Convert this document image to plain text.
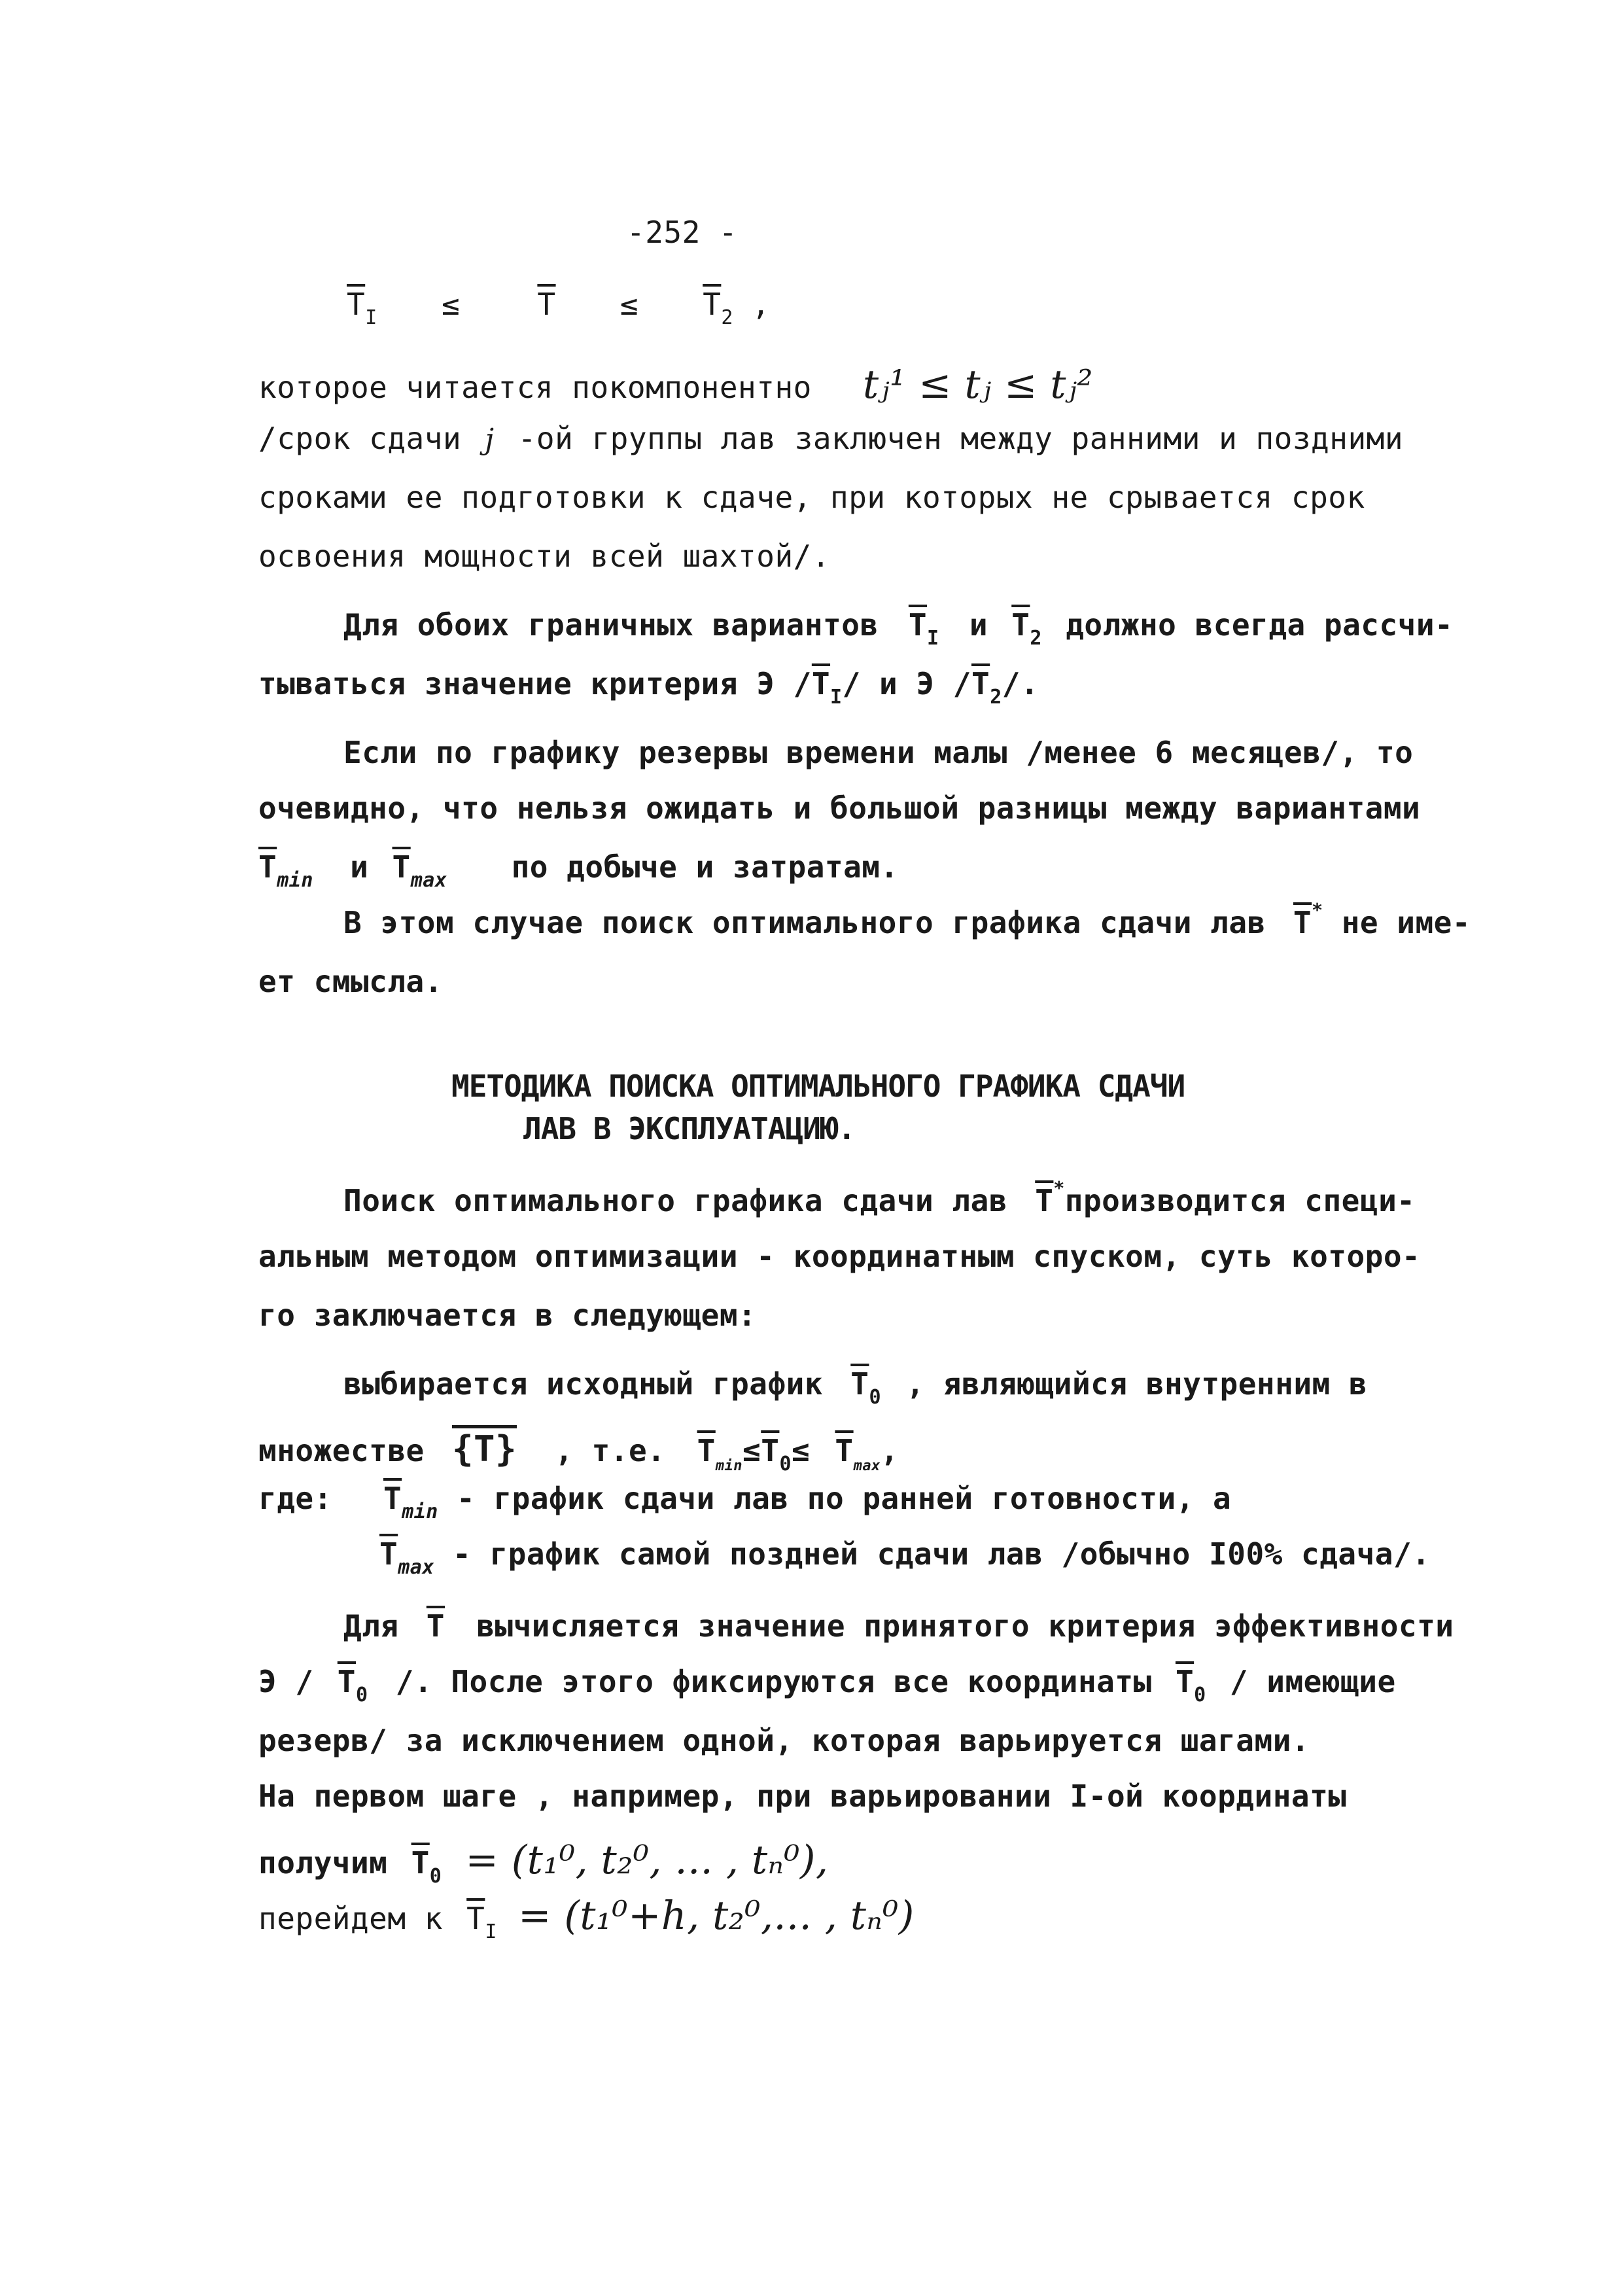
-252 -
$\overline{T}_I$ ≤	$\overline{T} \le \overline{T}_2$ ,
которое читается покомпонентно tⱼ¹ ≤ tⱼ ≤ tⱼ²
/срок сдачи j -ой группы лав заключен между ранними и поздними
сроками ее подготовки к сдаче, при которых не срывается срок
освоения мощности всей шахтой/.
Для обоих граничных вариантов $\overline{T}_I$ и $\overline{T}_2$ должно всегда рассчи-
тываться значение критерия Э $/\overline{T}_I/$ и Э $/\overline{T}_2/$.
Если по графику резервы времени малы /менее 6 месяцев/, то
очевидно, что нельзя ожидать и большой разницы между вариантами
$\overline{T}_{min}$ и $\overline{T}_{max}$ по добыче и затратам.
В этом случае поиск оптимального графика сдачи лав $\overline{T}^*$ не име-
ет смысла.
МЕТОДИКА ПОИСКА ОПТИМАЛЬНОГО ГРАФИКА СДАЧИ
ЛАВ В ЭКСПЛУАТАЦИЮ.
Поиск оптимального графика сдачи лав $\overline{T}^*производится$ специ-
альным методом оптимизации - координатным спуском, суть которо-
го заключается в следующем:
выбирается исходный график $\overline{T}_0$ , являющийся внутренним в
множестве {T} , т.е. $\overline{T}_{min}\le\overline{T}_0\le \overline{T}_{max}$,
где: $\overline{T}_{min}$ - график сдачи лав по ранней готовности, а
$\overline{T}_{max}$ - график самой поздней сдачи лав /обычно I00% сдача/.
Для $\overline{T}$ вычисляется значение принятого критерия эффективности
Э / $\overline{T}_0$ /. После этого фиксируются все координаты $\overline{T}_0$ / имеющие
резерв/ за исключением одной, которая варьируется шагами.
На первом шаге , например, при варьировании I-ой координаты
получим $\overline{T}_0 = (t_1^0$, t₂⁰, ... , tₙ⁰),
перейдем к $\overline{T}_I = (t_1^0+h$, t₂⁰,... , tₙ⁰)
